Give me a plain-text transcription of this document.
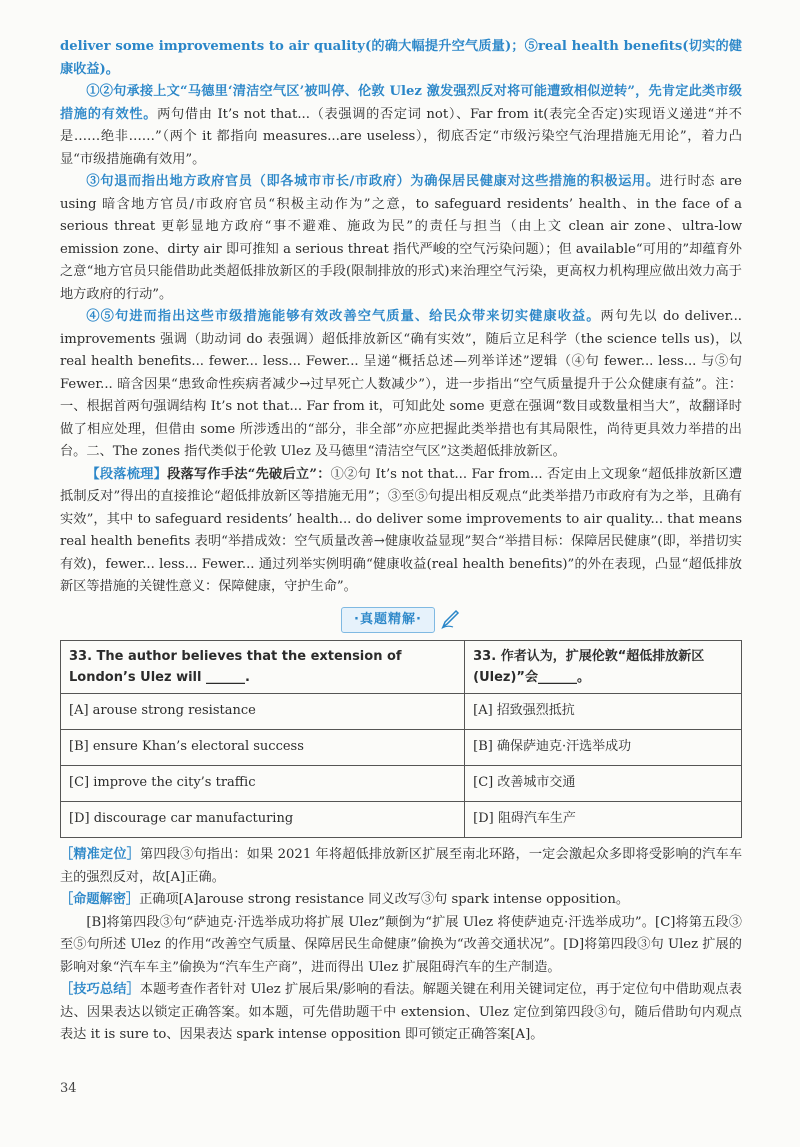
deliver some improvements to air quality(的确大幅提升空气质量)；⑤real health benefits(切实的健康收益)。

①②句承接上文“马德里‘清洁空气区’被叫停、伦敦 Ulez 激发强烈反对将可能遭致相似逆转”，先肯定此类市级措施的有效性。两句借由 It’s not that...（表强调的否定词 not）、Far from it(表完全否定)实现语义递进“并不是……绝非……”（两个 it 都指向 measures...are useless），彻底否定“市级污染空气治理措施无用论”，着力凸显“市级措施确有效用”。

③句退而指出地方政府官员（即各城市市长/市政府）为确保居民健康对这些措施的积极运用。进行时态 are using 暗含地方官员/市政府官员“积极主动作为”之意，to safeguard residents’ health、in the face of a serious threat 更彰显地方政府“事不避难、施政为民”的责任与担当（由上文 clean air zone、ultra-low emission zone、dirty air 即可推知 a serious threat 指代严峻的空气污染问题）；但 available“可用的”却蕴育外之意“地方官员只能借助此类超低排放新区的手段(限制排放的形式)来治理空气污染，更高权力机构理应做出效力高于地方政府的行动”。

④⑤句进而指出这些市级措施能够有效改善空气质量、给民众带来切实健康收益。两句先以 do deliver... improvements 强调（助动词 do 表强调）超低排放新区“确有实效”，随后立足科学（the science tells us)，以 real health benefits... fewer... less... Fewer... 呈递“概括总述—列举详述”逻辑（④句 fewer... less... 与⑤句 Fewer... 暗含因果“患致命性疾病者减少→过早死亡人数减少”），进一步指出“空气质量提升于公众健康有益”。注：一、根据首两句强调结构 It’s not that... Far from it，可知此处 some 更意在强调“数目或数量相当大”，故翻译时做了相应处理，但借由 some 所涉透出的“部分，非全部”亦应把握此类举措也有其局限性，尚待更具效力举措的出台。二、The zones 指代类似于伦敦 Ulez 及马德里“清洁空气区”这类超低排放新区。

【段落梳理】段落写作手法“先破后立”：①②句 It’s not that... Far from... 否定由上文现象“超低排放新区遭抵制反对”得出的直接推论“超低排放新区等措施无用”；③至⑤句提出相反观点“此类举措乃市政府有为之举，且确有实效”，其中 to safeguard residents’ health... do deliver some improvements to air quality... that means real health benefits 表明“举措成效：空气质量改善→健康收益显现”契合“举措目标：保障居民健康”(即，举措切实有效)，fewer... less... Fewer... 通过列举实例明确“健康收益(real health benefits)”的外在表现，凸显“超低排放新区等措施的关键性意义：保障健康，守护生命”。

·真题精解·
33. The author believes that the extension of London’s Ulez will ______.	33. 作者认为，扩展伦敦“超低排放新区(Ulez)”会______。
[A] arouse strong resistance	[A] 招致强烈抵抗
[B] ensure Khan’s electoral success	[B] 确保萨迪克·汗选举成功
[C] improve the city’s traffic	[C] 改善城市交通
[D] discourage car manufacturing	[D] 阻碍汽车生产

［精准定位］第四段③句指出：如果 2021 年将超低排放新区扩展至南北环路，一定会激起众多即将受影响的汽车车主的强烈反对，故[A]正确。

［命题解密］正确项[A]arouse strong resistance 同义改写③句 spark intense opposition。

[B]将第四段③句“萨迪克·汗选举成功将扩展 Ulez”颠倒为“扩展 Ulez 将使萨迪克·汗选举成功”。[C]将第五段③至⑤句所述 Ulez 的作用“改善空气质量、保障居民生命健康”偷换为“改善交通状况”。[D]将第四段③句 Ulez 扩展的影响对象“汽车车主”偷换为“汽车生产商”，进而得出 Ulez 扩展阻碍汽车的生产制造。

［技巧总结］本题考查作者针对 Ulez 扩展后果/影响的看法。解题关键在利用关键词定位，再于定位句中借助观点表达、因果表达以锁定正确答案。如本题，可先借助题干中 extension、Ulez 定位到第四段③句，随后借助句内观点表达 it is sure to、因果表达 spark intense opposition 即可锁定正确答案[A]。

34
